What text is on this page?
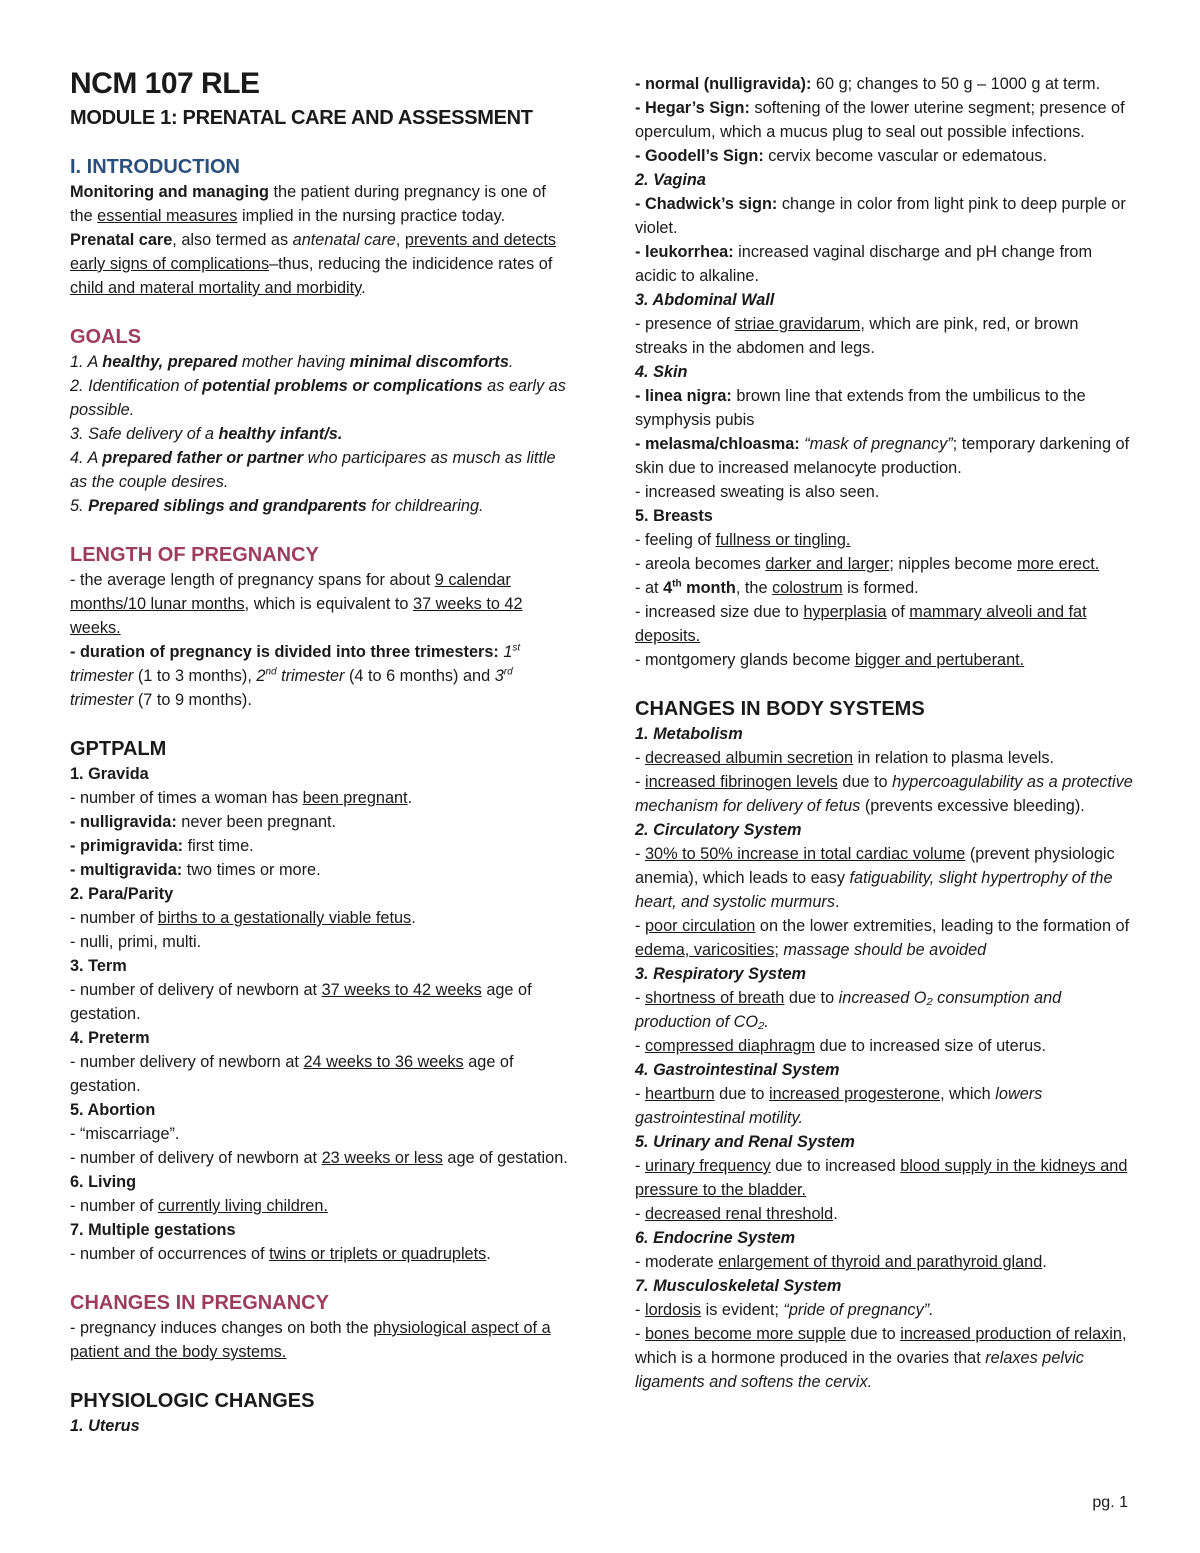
NCM 107 RLE
MODULE 1: PRENATAL CARE AND ASSESSMENT
I. INTRODUCTION

Monitoring and managing the patient during pregnancy is one of the essential measures implied in the nursing practice today. Prenatal care, also termed as antenatal care, prevents and detects early signs of complications–thus, reducing the indicidence rates of child and materal mortality and morbidity.

GOALS

1. A healthy, prepared mother having minimal discomforts.

2. Identification of potential problems or complications as early as possible.

3. Safe delivery of a healthy infant/s.

4. A prepared father or partner who participares as musch as little as the couple desires.

5. Prepared siblings and grandparents for childrearing.

LENGTH OF PREGNANCY

- the average length of pregnancy spans for about 9 calendar months/10 lunar months, which is equivalent to 37 weeks to 42 weeks.

- duration of pregnancy is divided into three trimesters: 1st trimester (1 to 3 months), 2nd trimester (4 to 6 months) and 3rd trimester (7 to 9 months).

GPTPALM

1. Gravida

- number of times a woman has been pregnant.

- nulligravida: never been pregnant.

- primigravida: first time.

- multigravida: two times or more.

2. Para/Parity

- number of births to a gestationally viable fetus.

- nulli, primi, multi.

3. Term

- number of delivery of newborn at 37 weeks to 42 weeks age of gestation.

4. Preterm

- number delivery of newborn at 24 weeks to 36 weeks age of gestation.

5. Abortion

- “miscarriage”.

- number of delivery of newborn at 23 weeks or less age of gestation.

6. Living

- number of currently living children.

7. Multiple gestations

- number of occurrences of twins or triplets or quadruplets.

CHANGES IN PREGNANCY

- pregnancy induces changes on both the physiological aspect of a patient and the body systems.

PHYSIOLOGIC CHANGES

1. Uterus

- normal (nulligravida): 60 g; changes to 50 g – 1000 g at term.

- Hegar’s Sign: softening of the lower uterine segment; presence of operculum, which a mucus plug to seal out possible infections.

- Goodell’s Sign: cervix become vascular or edematous.

2. Vagina

- Chadwick’s sign: change in color from light pink to deep purple or violet.

- leukorrhea: increased vaginal discharge and pH change from acidic to alkaline.

3. Abdominal Wall

- presence of striae gravidarum, which are pink, red, or brown streaks in the abdomen and legs.

4. Skin

- linea nigra: brown line that extends from the umbilicus to the symphysis pubis

- melasma/chloasma: “mask of pregnancy”; temporary darkening of skin due to increased melanocyte production.

- increased sweating is also seen.

5. Breasts

- feeling of fullness or tingling.

- areola becomes darker and larger; nipples become more erect.

- at 4th month, the colostrum is formed.

- increased size due to hyperplasia of mammary alveoli and fat deposits.

- montgomery glands become bigger and pertuberant.

CHANGES IN BODY SYSTEMS

1. Metabolism

- decreased albumin secretion in relation to plasma levels.

- increased fibrinogen levels due to hypercoagulability as a protective mechanism for delivery of fetus (prevents excessive bleeding).

2. Circulatory System

- 30% to 50% increase in total cardiac volume (prevent physiologic anemia), which leads to easy fatiguability, slight hypertrophy of the heart, and systolic murmurs.

- poor circulation on the lower extremities, leading to the formation of edema, varicosities; massage should be avoided

3. Respiratory System

- shortness of breath due to increased O₂ consumption and production of CO₂.

- compressed diaphragm due to increased size of uterus.

4. Gastrointestinal System

- heartburn due to increased progesterone, which lowers gastrointestinal motility.

5. Urinary and Renal System

- urinary frequency due to increased blood supply in the kidneys and pressure to the bladder.

- decreased renal threshold.

6. Endocrine System

- moderate enlargement of thyroid and parathyroid gland.

7. Musculoskeletal System

- lordosis is evident; “pride of pregnancy”.

- bones become more supple due to increased production of relaxin, which is a hormone produced in the ovaries that relaxes pelvic ligaments and softens the cervix.

pg. 1
